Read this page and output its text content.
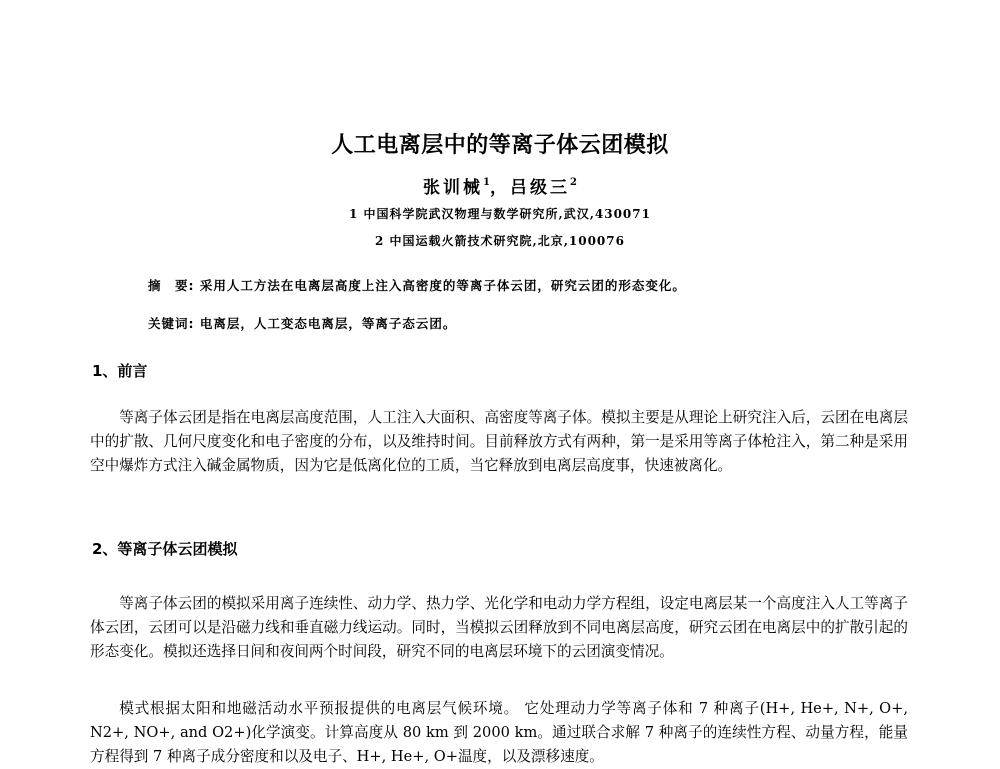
人工电离层中的等离子体云团模拟
张训械$^1$，吕级三$^2$
1 中国科学院武汉物理与数学研究所,武汉,430071
2 中国运载火箭技术研究院,北京,100076
摘　要: 采用人工方法在电离层高度上注入高密度的等离子体云团，研究云团的形态变化。
关键词: 电离层，人工变态电离层，等离子态云团。
1、前言

等离子体云团是指在电离层高度范围，人工注入大面积、高密度等离子体。模拟主要是从理论上研究注入后，云团在电离层中的扩散、几何尺度变化和电子密度的分布，以及维持时间。目前释放方式有两种，第一是采用等离子体枪注入，第二种是采用空中爆炸方式注入碱金属物质，因为它是低离化位的工质，当它释放到电离层高度事，快速被离化。

2、等离子体云团模拟

等离子体云团的模拟采用离子连续性、动力学、热力学、光化学和电动力学方程组，设定电离层某一个高度注入人工等离子体云团，云团可以是沿磁力线和垂直磁力线运动。同时，当模拟云团释放到不同电离层高度，研究云团在电离层中的扩散引起的形态变化。模拟还选择日间和夜间两个时间段，研究不同的电离层环境下的云团演变情况。

模式根据太阳和地磁活动水平预报提供的电离层气候环境。 它处理动力学等离子体和 7 种离子(H+, He+, N+, O+, N2+, NO+, and O2+)化学演变。计算高度从 80 km 到 2000 km。通过联合求解 7 种离子的连续性方程、动量方程，能量方程得到 7 种离子成分密度和以及电子、H+, He+, O+温度，以及漂移速度。
